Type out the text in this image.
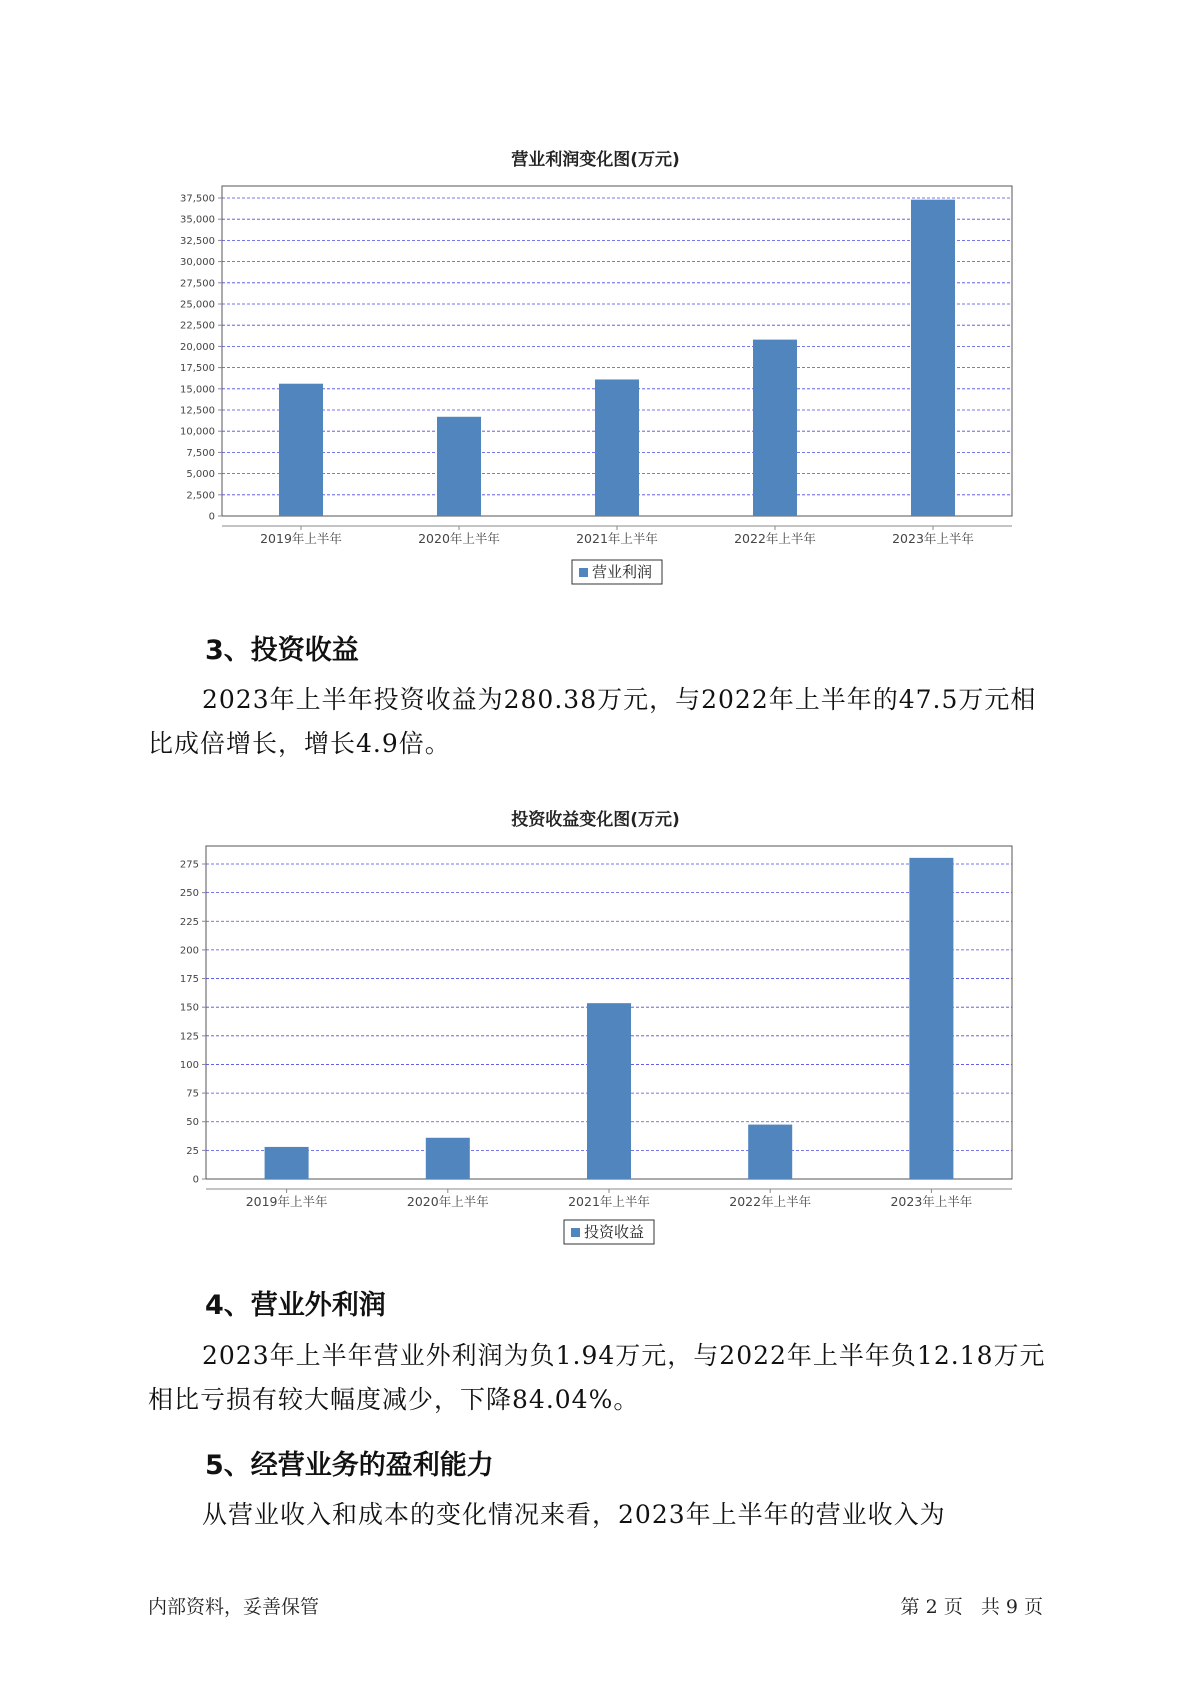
营业利润变化图(万元)
0
2,500
5,000
7,500
10,000
12,500
15,000
17,500
20,000
22,500
25,000
27,500
30,000
32,500
35,000
37,500
2019年上半年	2020年上半年	2021年上半年	2022年上半年	2023年上半年
营业利润
3、投资收益
2023年上半年投资收益为280.38万元，与2022年上半年的47.5万元相
比成倍增长，增长4.9倍。
投资收益变化图(万元)
0
25
50
75
100
125
150
175
200
225
250
275
2019年上半年	2020年上半年	2021年上半年	2022年上半年	2023年上半年
投资收益
4、营业外利润
2023年上半年营业外利润为负1.94万元，与2022年上半年负12.18万元
相比亏损有较大幅度减少，下降84.04%。
5、经营业务的盈利能力
从营业收入和成本的变化情况来看，2023年上半年的营业收入为
内部资料，妥善保管	第 2 页   共 9 页
